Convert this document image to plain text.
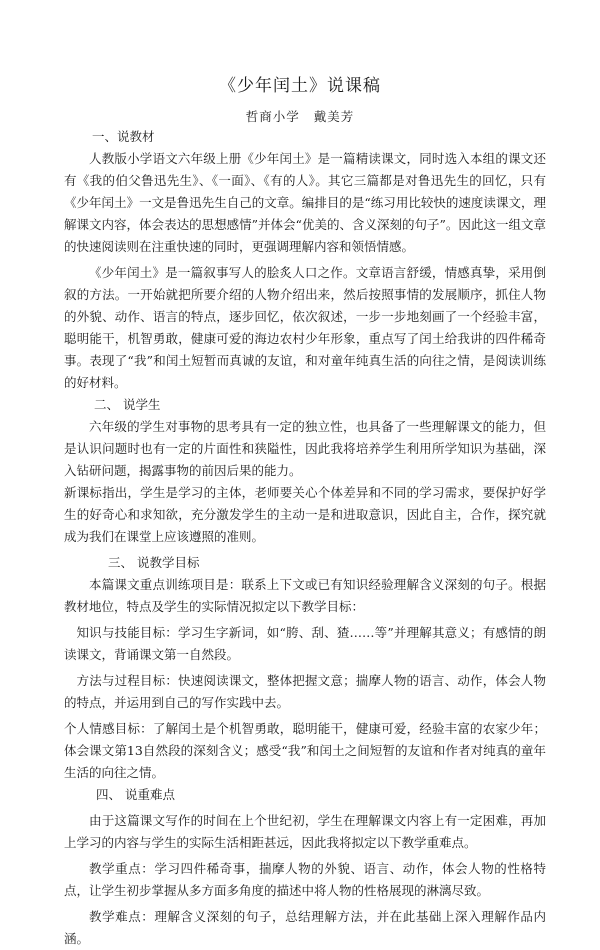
《少年闰土》说课稿
哲商小学 戴美芳

一、说教材

人教版小学语文六年级上册《少年闰土》是一篇精读课文，同时选入本组的课文还有《我的伯父鲁迅先生》、《一面》、《有的人》。其它三篇都是对鲁迅先生的回忆，只有《少年闰土》一文是鲁迅先生自己的文章。编排目的是“练习用比较快的速度读课文，理解课文内容，体会表达的思想感情”并体会“优美的、含义深刻的句子”。因此这一组文章的快速阅读则在注重快速的同时，更强调理解内容和领悟情感。

《少年闰土》是一篇叙事写人的脍炙人口之作。文章语言舒缓，情感真挚，采用倒叙的方法。一开始就把所要介绍的人物介绍出来，然后按照事情的发展顺序，抓住人物的外貌、动作、语言的特点，逐步回忆，依次叙述，一步一步地刻画了一个经验丰富，聪明能干，机智勇敢，健康可爱的海边农村少年形象，重点写了闰土给我讲的四件稀奇事。表现了“我”和闰土短暂而真诚的友谊，和对童年纯真生活的向往之情，是阅读训练的好材料。

二、 说学生

六年级的学生对事物的思考具有一定的独立性，也具备了一些理解课文的能力，但是认识问题时也有一定的片面性和狭隘性，因此我将培养学生利用所学知识为基础，深入钻研问题，揭露事物的前因后果的能力。

新课标指出，学生是学习的主体，老师要关心个体差异和不同的学习需求，要保护好学生的好奇心和求知欲，充分激发学生的主动一是和进取意识，因此自主，合作，探究就成为我们在课堂上应该遵照的准则。

三、 说教学目标

本篇课文重点训练项目是：联系上下文或已有知识经验理解含义深刻的句子。根据教材地位，特点及学生的实际情况拟定以下教学目标：

知识与技能目标：学习生字新词，如“胯、刮、猹……等”并理解其意义；有感情的朗读课文，背诵课文第一自然段。

方法与过程目标：快速阅读课文，整体把握文意；揣摩人物的语言、动作，体会人物的特点，并运用到自己的写作实践中去。

个人情感目标：了解闰土是个机智勇敢，聪明能干，健康可爱，经验丰富的农家少年；体会课文第13自然段的深刻含义；感受“我”和闰土之间短暂的友谊和作者对纯真的童年生活的向往之情。

四、 说重难点

由于这篇课文写作的时间在上个世纪初，学生在理解课文内容上有一定困难，再加上学习的内容与学生的实际生活相距甚远，因此我将拟定以下教学重难点。

教学重点：学习四件稀奇事，揣摩人物的外貌、语言、动作，体会人物的性格特点，让学生初步掌握从多方面多角度的描述中将人物的性格展现的淋漓尽致。

教学难点：理解含义深刻的句子，总结理解方法，并在此基础上深入理解作品内涵。
